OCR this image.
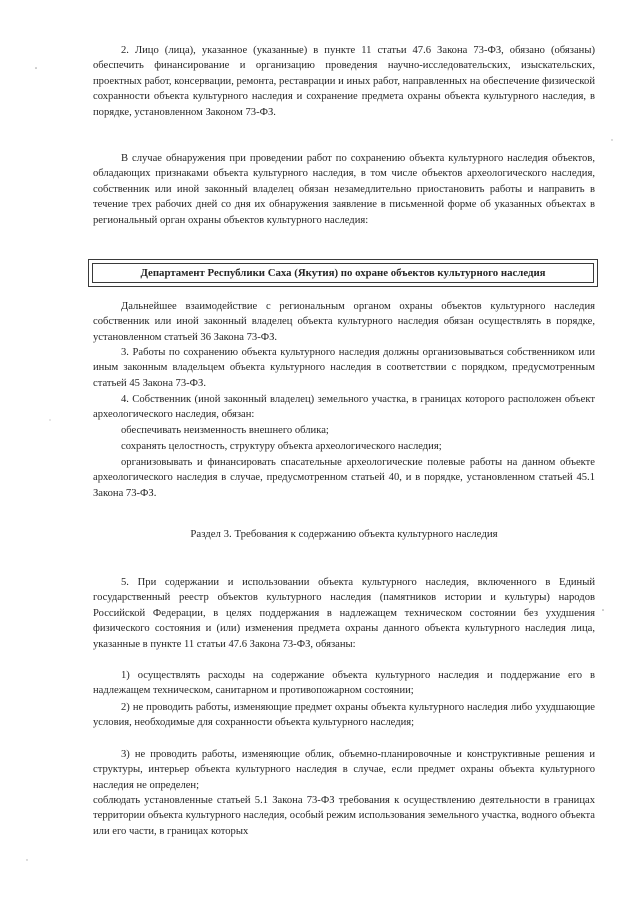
2. Лицо (лица), указанное (указанные) в пункте 11 статьи 47.6 Закона 73-ФЗ, обязано (обязаны) обеспечить финансирование и организацию проведения научно-исследовательских, изыскательских, проектных работ, консервации, ремонта, реставрации и иных работ, направленных на обеспечение физической сохранности объекта культурного наследия и сохранение предмета охраны объекта культурного наследия, в порядке, установленном Законом 73-ФЗ.

В случае обнаружения при проведении работ по сохранению объекта культурного наследия объектов, обладающих признаками объекта культурного наследия, в том числе объектов археологического наследия, собственник или иной законный владелец обязан незамедлительно приостановить работы и направить в течение трех рабочих дней со дня их обнаружения заявление в письменной форме об указанных объектах в региональный орган охраны объектов культурного наследия:

Департамент Республики Саха (Якутия) по охране объектов культурного наследия

Дальнейшее взаимодействие с региональным органом охраны объектов культурного наследия собственник или иной законный владелец объекта культурного наследия обязан осуществлять в порядке, установленном статьей 36 Закона 73-ФЗ.

3. Работы по сохранению объекта культурного наследия должны организовываться собственником или иным законным владельцем объекта культурного наследия в соответствии с порядком, предусмотренным статьей 45 Закона 73-ФЗ.

4. Собственник (иной законный владелец) земельного участка, в границах которого расположен объект археологического наследия, обязан:

обеспечивать неизменность внешнего облика;

сохранять целостность, структуру объекта археологического наследия;

организовывать и финансировать спасательные археологические полевые работы на данном объекте археологического наследия в случае, предусмотренном статьей 40, и в порядке, установленном статьей 45.1 Закона 73-ФЗ.

Раздел 3. Требования к содержанию объекта культурного наследия

5. При содержании и использовании объекта культурного наследия, включенного в Единый государственный реестр объектов культурного наследия (памятников истории и культуры) народов Российской Федерации, в целях поддержания в надлежащем техническом состоянии без ухудшения физического состояния и (или) изменения предмета охраны данного объекта культурного наследия лица, указанные в пункте 11 статьи 47.6 Закона 73-ФЗ, обязаны:

1) осуществлять расходы на содержание объекта культурного наследия и поддержание его в надлежащем техническом, санитарном и противопожарном состоянии;

2) не проводить работы, изменяющие предмет охраны объекта культурного наследия либо ухудшающие условия, необходимые для сохранности объекта культурного наследия;

3) не проводить работы, изменяющие облик, объемно-планировочные и конструктивные решения и структуры, интерьер объекта культурного наследия в случае, если предмет охраны объекта культурного наследия не определен;

соблюдать установленные статьей 5.1 Закона 73-ФЗ требования к осуществлению деятельности в границах территории объекта культурного наследия, особый режим использования земельного участка, водного объекта или его части, в границах которых
